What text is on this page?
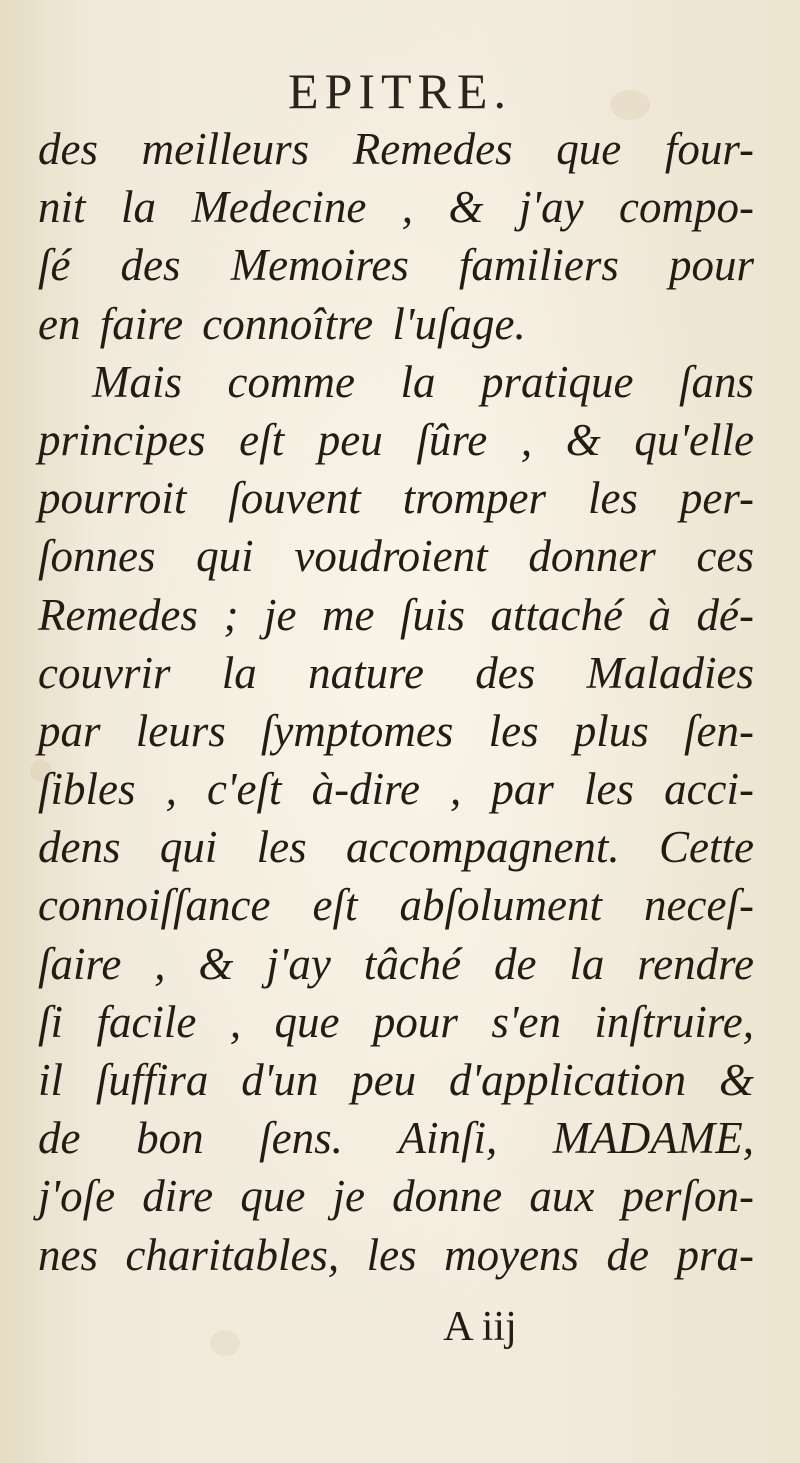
EPITRE.
des meilleurs Remedes que four-
nit la Medecine , & j'ay compo-
ſé des Memoires familiers pour
en faire connoître l'uſage.
Mais comme la pratique ſans
principes eſt peu ſûre , & qu'elle
pourroit ſouvent tromper les per-
ſonnes qui voudroient donner ces
Remedes ; je me ſuis attaché à dé-
couvrir la nature des Maladies
par leurs ſymptomes les plus ſen-
ſibles , c'eſt à-dire , par les acci-
dens qui les accompagnent. Cette
connoiſſance eſt abſolument neceſ-
ſaire , & j'ay tâché de la rendre
ſi facile , que pour s'en inſtruire,
il ſuffira d'un peu d'application &
de bon ſens. Ainſi, MADAME,
j'oſe dire que je donne aux perſon-
nes charitables, les moyens de pra-
A iij
